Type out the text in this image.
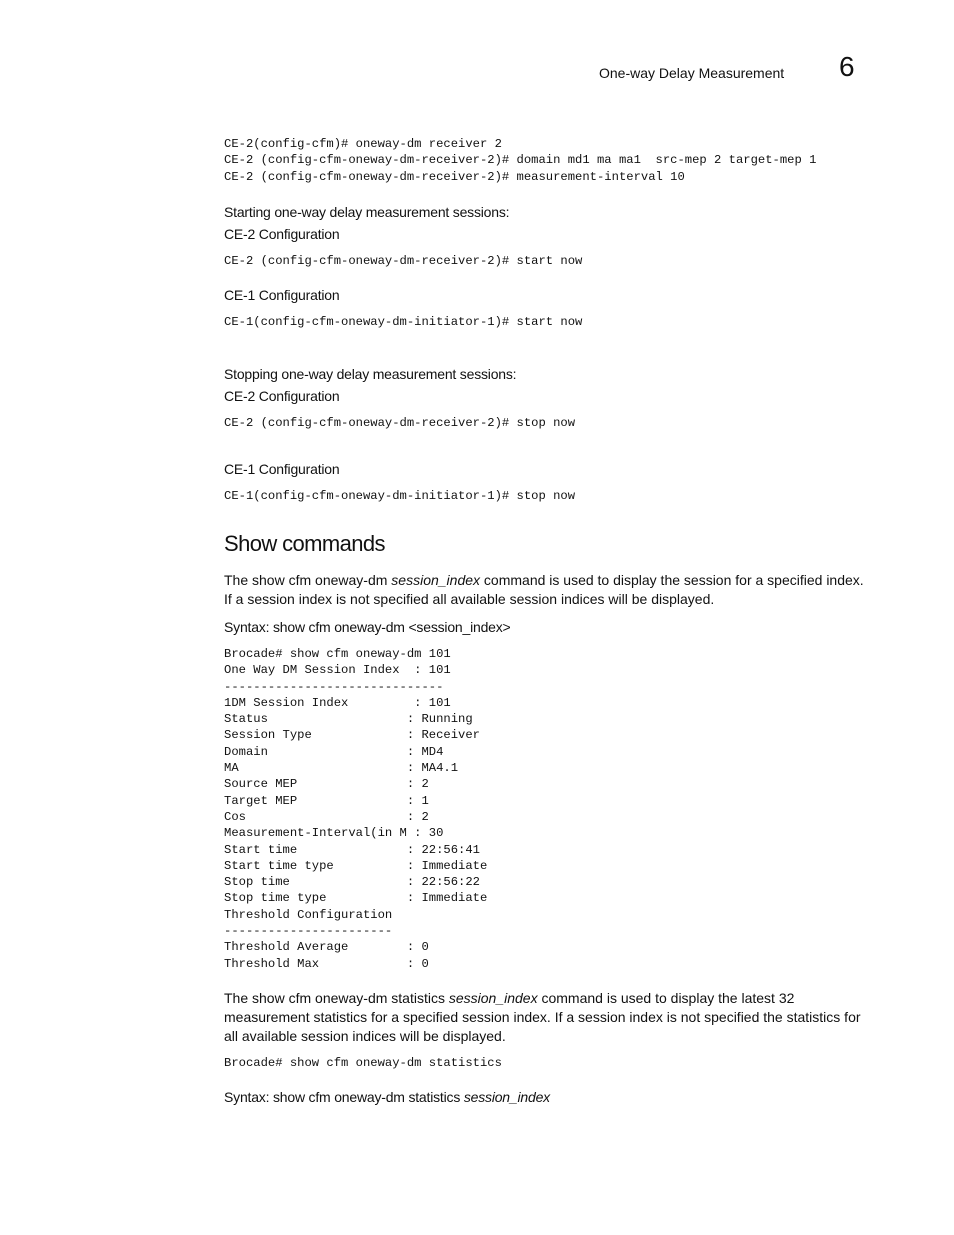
One-way Delay Measurement 6
CE-2(config-cfm)# oneway-dm receiver 2
CE-2 (config-cfm-oneway-dm-receiver-2)# domain md1 ma ma1  src-mep 2 target-mep 1
CE-2 (config-cfm-oneway-dm-receiver-2)# measurement-interval 10
Starting one-way delay measurement sessions:
CE-2 Configuration
CE-2 (config-cfm-oneway-dm-receiver-2)# start now
CE-1 Configuration
CE-1(config-cfm-oneway-dm-initiator-1)# start now
Stopping one-way delay measurement sessions:
CE-2 Configuration
CE-2 (config-cfm-oneway-dm-receiver-2)# stop now
CE-1 Configuration
CE-1(config-cfm-oneway-dm-initiator-1)# stop now
Show commands
The show cfm oneway-dm session_index command is used to display the session for a specified index. If a session index is not specified all available session indices will be displayed.
Syntax: show cfm oneway-dm <session_index>
Brocade# show cfm oneway-dm 101
One Way DM Session Index  : 101
------------------------------
1DM Session Index         : 101
Status                   : Running
Session Type             : Receiver
Domain                   : MD4
MA                       : MA4.1
Source MEP               : 2
Target MEP               : 1
Cos                      : 2
Measurement-Interval(in M : 30
Start time               : 22:56:41
Start time type          : Immediate
Stop time                : 22:56:22
Stop time type           : Immediate
Threshold Configuration
-----------------------
Threshold Average        : 0
Threshold Max            : 0
The show cfm oneway-dm statistics session_index command is used to display the latest 32 measurement statistics for a specified session index. If a session index is not specified the statistics for all available session indices will be displayed.
Brocade# show cfm oneway-dm statistics
Syntax: show cfm oneway-dm statistics session_index
